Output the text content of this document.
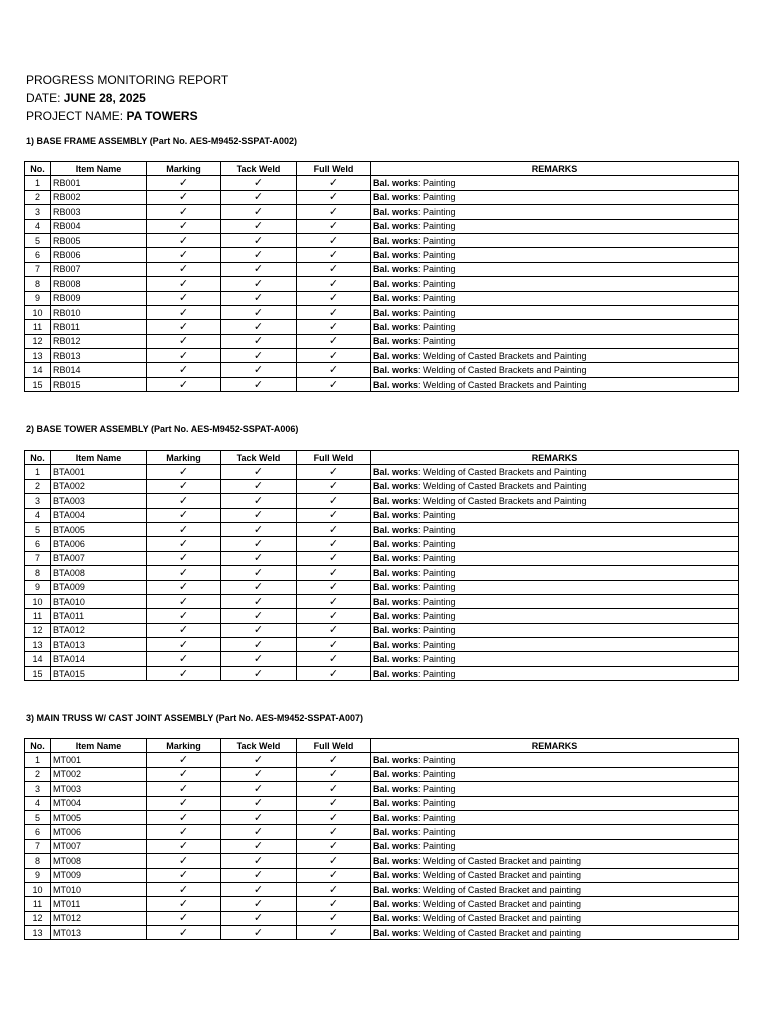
PROGRESS MONITORING REPORT
DATE: JUNE 28, 2025
PROJECT NAME: PA TOWERS
1) BASE FRAME ASSEMBLY (Part No. AES-M9452-SSPAT-A002)
No.	Item Name	Marking	Tack Weld	Full Weld	REMARKS
1	RB001	✓	✓	✓	Bal. works: Painting
2	RB002	✓	✓	✓	Bal. works: Painting
3	RB003	✓	✓	✓	Bal. works: Painting
4	RB004	✓	✓	✓	Bal. works: Painting
5	RB005	✓	✓	✓	Bal. works: Painting
6	RB006	✓	✓	✓	Bal. works: Painting
7	RB007	✓	✓	✓	Bal. works: Painting
8	RB008	✓	✓	✓	Bal. works: Painting
9	RB009	✓	✓	✓	Bal. works: Painting
10	RB010	✓	✓	✓	Bal. works: Painting
11	RB011	✓	✓	✓	Bal. works: Painting
12	RB012	✓	✓	✓	Bal. works: Painting
13	RB013	✓	✓	✓	Bal. works: Welding of Casted Brackets and Painting
14	RB014	✓	✓	✓	Bal. works: Welding of Casted Brackets and Painting
15	RB015	✓	✓	✓	Bal. works: Welding of Casted Brackets and Painting
2) BASE TOWER ASSEMBLY (Part No. AES-M9452-SSPAT-A006)
No.	Item Name	Marking	Tack Weld	Full Weld	REMARKS
1	BTA001	✓	✓	✓	Bal. works: Welding of Casted Brackets and Painting
2	BTA002	✓	✓	✓	Bal. works: Welding of Casted Brackets and Painting
3	BTA003	✓	✓	✓	Bal. works: Welding of Casted Brackets and Painting
4	BTA004	✓	✓	✓	Bal. works: Painting
5	BTA005	✓	✓	✓	Bal. works: Painting
6	BTA006	✓	✓	✓	Bal. works: Painting
7	BTA007	✓	✓	✓	Bal. works: Painting
8	BTA008	✓	✓	✓	Bal. works: Painting
9	BTA009	✓	✓	✓	Bal. works: Painting
10	BTA010	✓	✓	✓	Bal. works: Painting
11	BTA011	✓	✓	✓	Bal. works: Painting
12	BTA012	✓	✓	✓	Bal. works: Painting
13	BTA013	✓	✓	✓	Bal. works: Painting
14	BTA014	✓	✓	✓	Bal. works: Painting
15	BTA015	✓	✓	✓	Bal. works: Painting
3) MAIN TRUSS W/ CAST JOINT ASSEMBLY (Part No. AES-M9452-SSPAT-A007)
No.	Item Name	Marking	Tack Weld	Full Weld	REMARKS
1	MT001	✓	✓	✓	Bal. works: Painting
2	MT002	✓	✓	✓	Bal. works: Painting
3	MT003	✓	✓	✓	Bal. works: Painting
4	MT004	✓	✓	✓	Bal. works: Painting
5	MT005	✓	✓	✓	Bal. works: Painting
6	MT006	✓	✓	✓	Bal. works: Painting
7	MT007	✓	✓	✓	Bal. works: Painting
8	MT008	✓	✓	✓	Bal. works: Welding of Casted Bracket and painting
9	MT009	✓	✓	✓	Bal. works: Welding of Casted Bracket and painting
10	MT010	✓	✓	✓	Bal. works: Welding of Casted Bracket and painting
11	MT011	✓	✓	✓	Bal. works: Welding of Casted Bracket and painting
12	MT012	✓	✓	✓	Bal. works: Welding of Casted Bracket and painting
13	MT013	✓	✓	✓	Bal. works: Welding of Casted Bracket and painting
